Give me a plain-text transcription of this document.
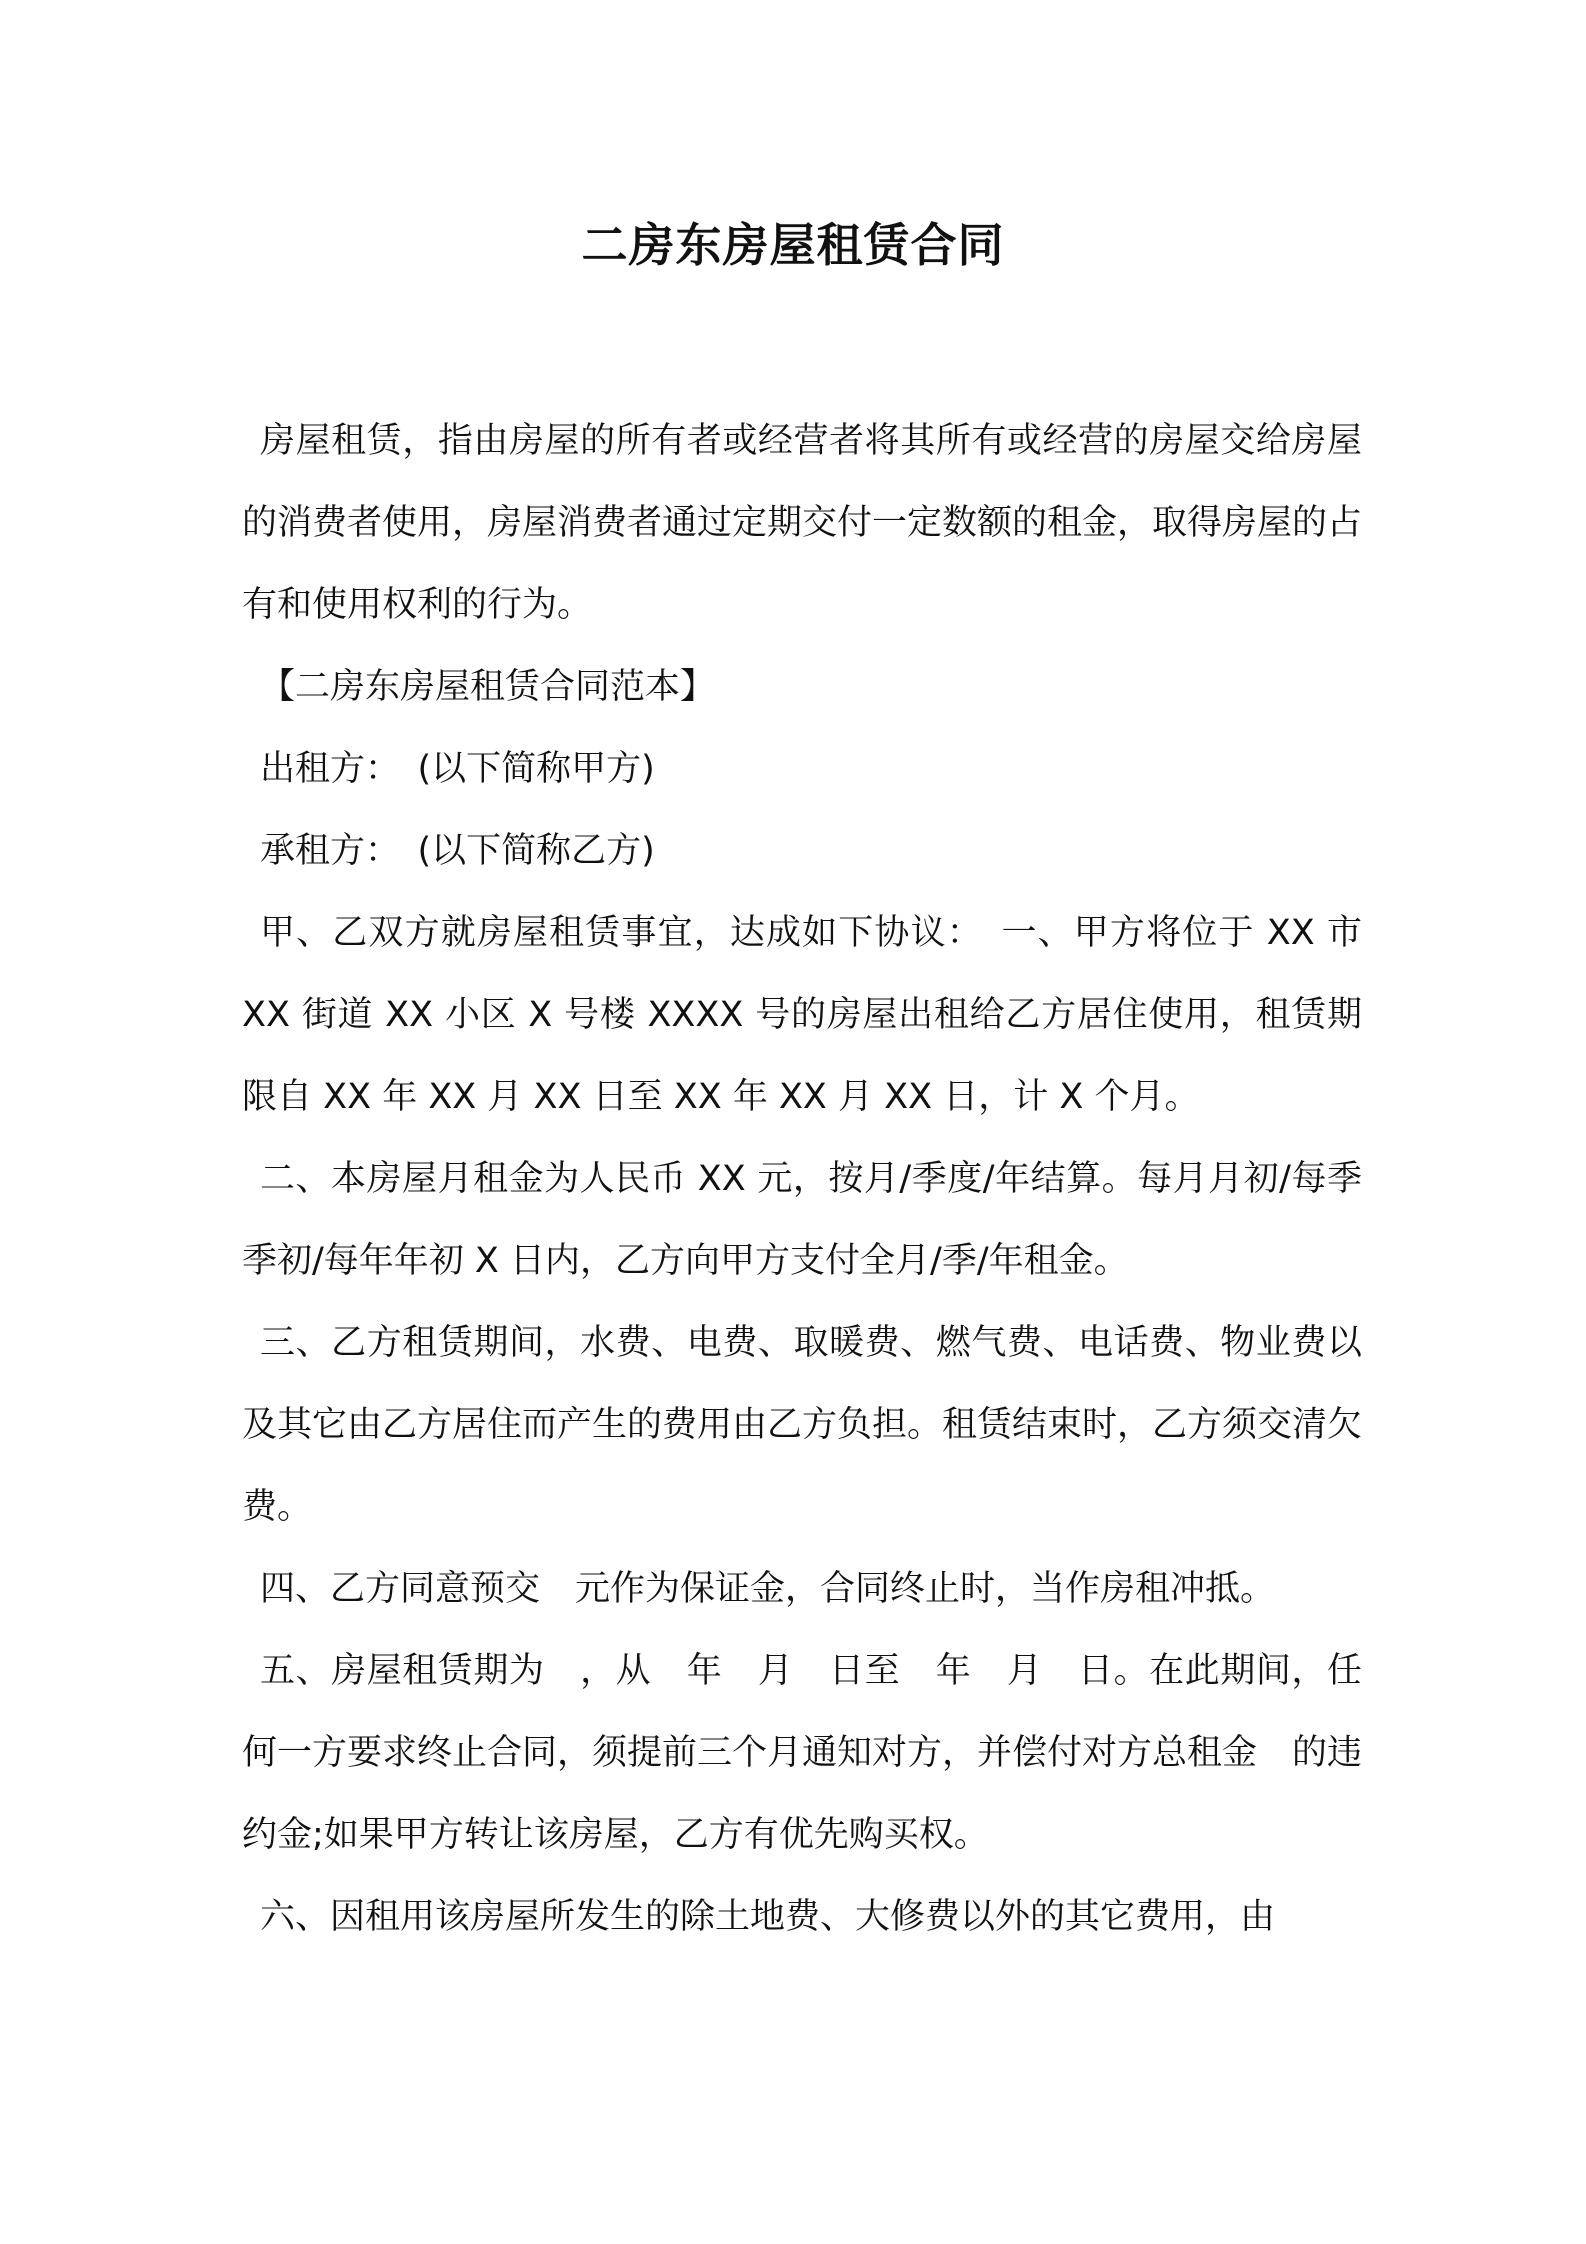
二房东房屋租赁合同

房屋租赁，指由房屋的所有者或经营者将其所有或经营的房屋交给房屋的消费者使用，房屋消费者通过定期交付一定数额的租金，取得房屋的占有和使用权利的行为。

【二房东房屋租赁合同范本】

出租方：　(以下简称甲方)

承租方：　(以下简称乙方)

甲、乙双方就房屋租赁事宜，达成如下协议：　一、甲方将位于 XX 市 XX 街道 XX 小区 X 号楼 XXXX 号的房屋出租给乙方居住使用，租赁期限自 XX 年 XX 月 XX 日至 XX 年 XX 月 XX 日，计 X 个月。

二、本房屋月租金为人民币 XX 元，按月/季度/年结算。每月月初/每季季初/每年年初 X 日内，乙方向甲方支付全月/季/年租金。

三、乙方租赁期间，水费、电费、取暖费、燃气费、电话费、物业费以及其它由乙方居住而产生的费用由乙方负担。租赁结束时，乙方须交清欠费。

四、乙方同意预交　元作为保证金，合同终止时，当作房租冲抵。

五、房屋租赁期为　，从　年　月　日至　年　月　日。在此期间，任何一方要求终止合同，须提前三个月通知对方，并偿付对方总租金　的违约金;如果甲方转让该房屋，乙方有优先购买权。

六、因租用该房屋所发生的除土地费、大修费以外的其它费用，由
